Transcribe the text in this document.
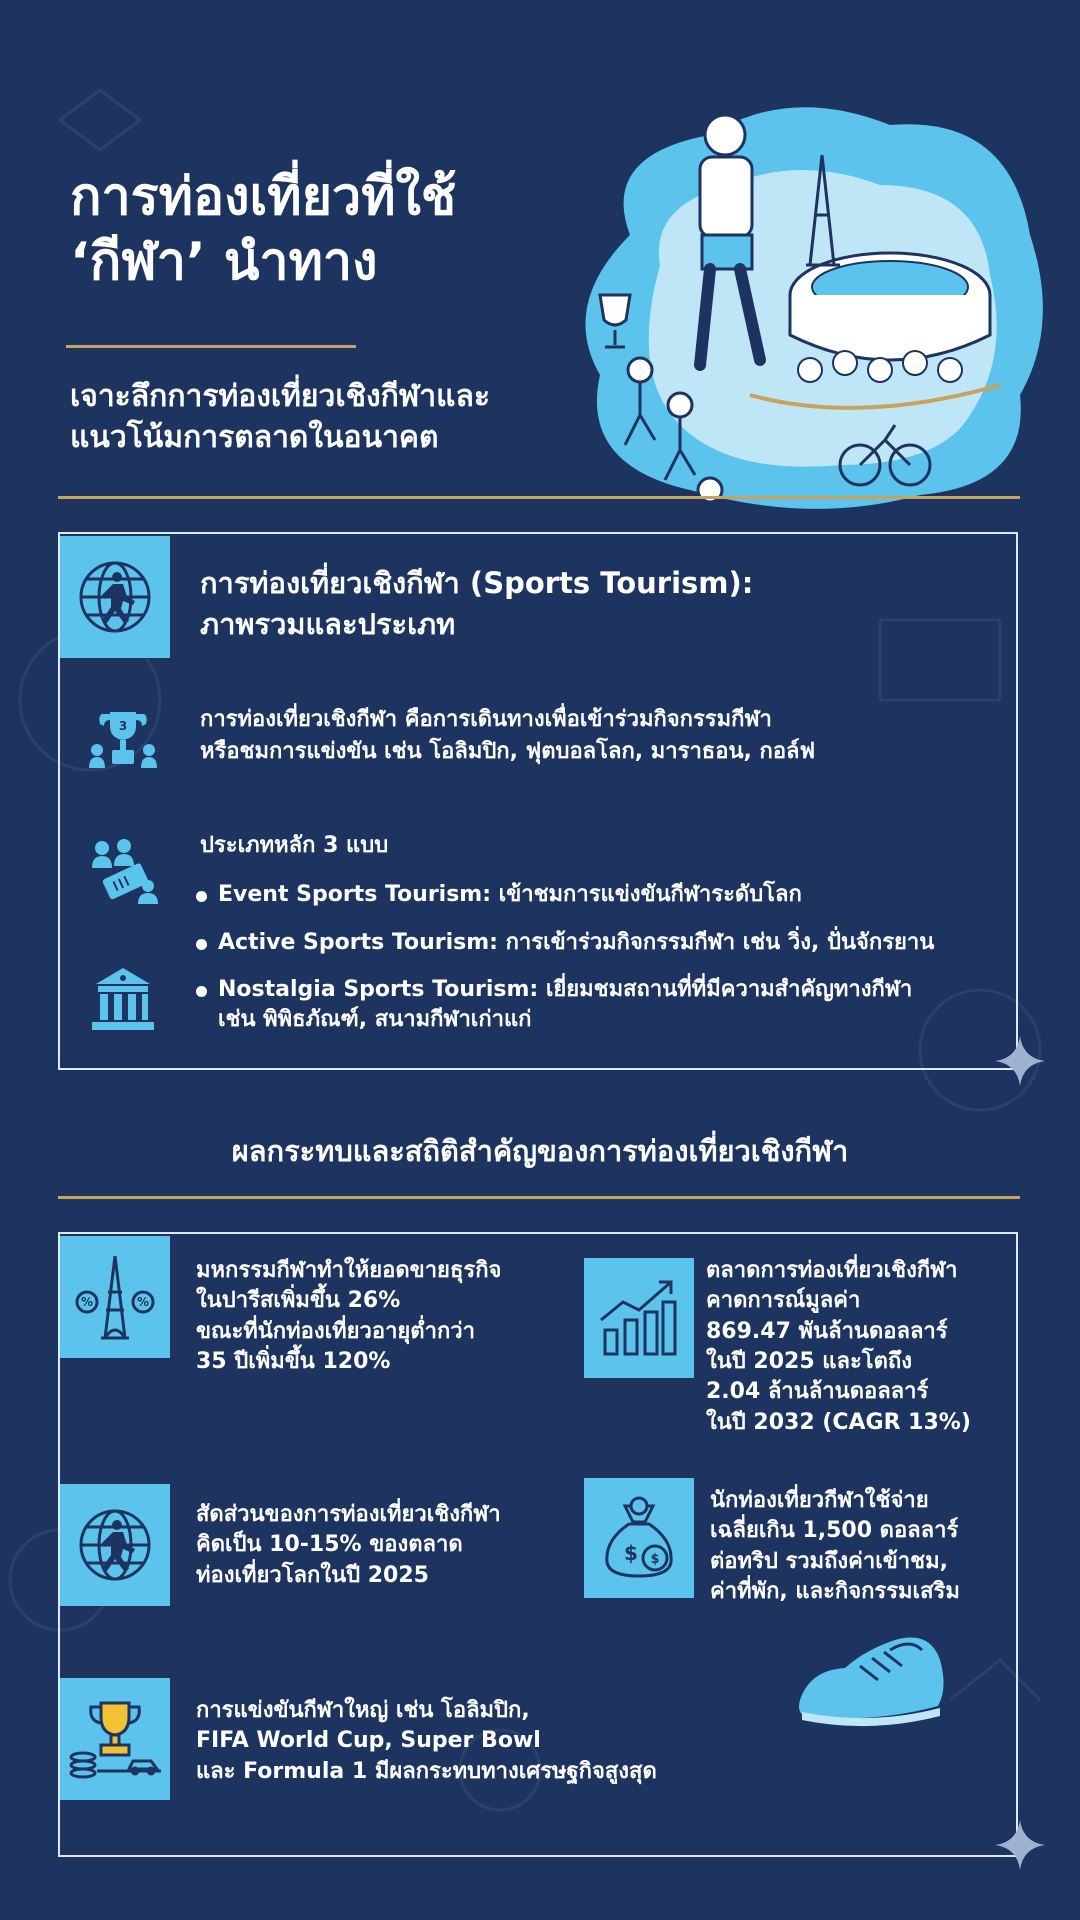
การท่องเที่ยวที่ใช้
‘กีฬา’ นำทาง
เจาะลึกการท่องเที่ยวเชิงกีฬาและ
แนวโน้มการตลาดในอนาคต
การท่องเที่ยวเชิงกีฬา (Sports Tourism):
ภาพรวมและประเภท
3	การท่องเที่ยวเชิงกีฬา คือการเดินทางเพื่อเข้าร่วมกิจกรรมกีฬา
หรือชมการแข่งขัน เช่น โอลิมปิก, ฟุตบอลโลก, มาราธอน, กอล์ฟ

ประเภทหลัก 3 แบบ

Event Sports Tourism: เข้าชมการแข่งขันกีฬาระดับโลก
Active Sports Tourism: การเข้าร่วมกิจกรรมกีฬา เช่น วิ่ง, ปั่นจักรยาน
Nostalgia Sports Tourism: เยี่ยมชมสถานที่ที่มีความสำคัญทางกีฬา
เช่น พิพิธภัณฑ์, สนามกีฬาเก่าแก่
ผลกระทบและสถิติสำคัญของการท่องเที่ยวเชิงกีฬา
%	%

มหกรรมกีฬาทำให้ยอดขายธุรกิจ
ในปารีสเพิ่มขึ้น 26%
ขณะที่นักท่องเที่ยวอายุต่ำกว่า
35 ปีเพิ่มขึ้น 120%

ตลาดการท่องเที่ยวเชิงกีฬา
คาดการณ์มูลค่า
869.47 พันล้านดอลลาร์
ในปี 2025 และโตถึง
2.04 ล้านล้านดอลลาร์
ในปี 2032 (CAGR 13%)

สัดส่วนของการท่องเที่ยวเชิงกีฬา
คิดเป็น 10-15% ของตลาด
ท่องเที่ยวโลกในปี 2025

$ $

นักท่องเที่ยวกีฬาใช้จ่าย
เฉลี่ยเกิน 1,500 ดอลลาร์
ต่อทริป รวมถึงค่าเข้าชม,
ค่าที่พัก, และกิจกรรมเสริม

การแข่งขันกีฬาใหญ่ เช่น โอลิมปิก,
FIFA World Cup, Super Bowl
และ Formula 1 มีผลกระทบทางเศรษฐกิจสูงสุด
